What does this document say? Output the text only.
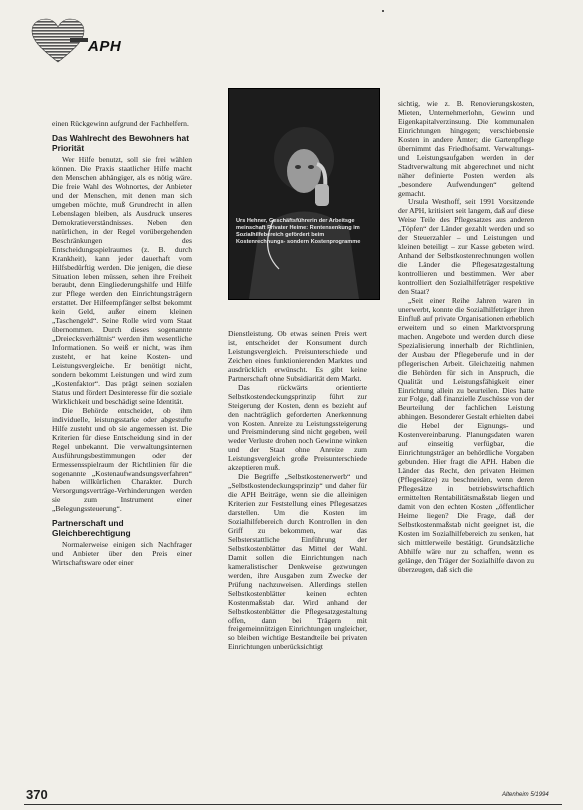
APH
Urs Hehner, Geschäftsführerin der Arbeitsge meinschaft Privater Heime: Rentensenkung im Sozialhilfebereich gefördert beim Kostenrechnungs- sondern Kostenprogramme

einen Rückgewinn aufgrund der Fachhelfern.

Das Wahlrecht des Bewohners hat Priorität

Wer Hilfe benutzt, soll sie frei wählen können. Die Praxis staatlicher Hilfe macht den Menschen abhängiger, als es nötig wäre. Die freie Wahl des Wohnortes, der Anbieter und der Menschen, mit denen man sich umgeben möchte, muß Grundrecht in allen Lebenslagen bleiben, als Ausdruck unseres Demokratieverständnisses. Neben den natürlichen, in der Regel vorübergehenden Beschränkungen des Entscheidungsspielraumes (z. B. durch Krankheit), kann jeder dauerhaft vom Hilfsbedürftig werden. Die jenigen, die diese Situation leben müssen, sehen ihre Freiheit beraubt, denn Eingliederungshilfe und Hilfe zur Pflege werden den Einrichtungsträgern erstattet. Der Hilfeempfänger selbst bekommt kein Geld, außer einem kleinen „Taschengeld“. Seine Rolle wird vom Staat übernommen. Durch dieses sogenannte „Dreiecksverhältnis“ werden ihm wesentliche Informationen. So weiß er nicht, was ihm zusteht, er hat keine Kosten- und Leistungsvergleiche. Er benötigt nicht, sondern bekommt Leistungen und wird zum „Kostenfaktor“. Das prägt seinen sozialen Status und fördert Desinteresse für die soziale Wirklichkeit und beschädigt seine Identität.

Die Behörde entscheidet, ob ihm individuelle, leistungsstarke oder abgestufte Hilfe zusteht und ob sie angemessen ist. Die Kriterien für diese Entscheidung sind in der Regel unbekannt. Die verwaltungsinternen Ausführungsbestimmungen oder der Ermessensspielraum der Richtlinien für die sogenannte „Kostenaufwandsungsverfahren“ haben willkürlichen Charakter. Durch Versorgungsverträge-Verhinderungen werden sie zum Instrument einer „Belegungssteuerung“.

Partnerschaft und Gleichberechtigung

Normalerweise einigen sich Nachfrager und Anbieter über den Preis einer Wirtschaftsware oder einer

Dienstleistung. Ob etwas seinen Preis wert ist, entscheidet der Konsument durch Leistungsvergleich. Preisunterschiede und Zeichen eines funktionierenden Marktes und ausdrücklich erwünscht. Es gibt keine Partnerschaft ohne Subsidiarität dem Markt.

Das rückwärts orientierte Selbstkostendeckungsprinzip führt zur Steigerung der Kosten, denn es bezieht auf den nachträglich geforderten Anerkennung von Kosten. Anreize zu Leistungssteigerung und Preisminderung sind nicht gegeben, weil weder Verluste drohen noch Gewinne winken und der Staat ohne Anreize zum Leistungsvergleich große Preisunterschiede akzeptieren muß.

Die Begriffe „Selbstkostenerwerb“ und „Selbstkostendeckungsprinzip“ und daher für die APH Beiträge, wenn sie die alleinigen Kriterien zur Feststellung eines Pflegesatzes darstellen. Um die Kosten im Sozialhilfebereich durch Kontrollen in den Griff zu bekommen, war das Selbsterstattliche Einführung der Selbstkostenblätter das Mittel der Wahl. Damit sollen die Einrichtungen nach kameralistischer Denkweise gezwungen werden, ihre Ausgaben zum Zwecke der Prüfung nachzuweisen. Allerdings stellen Selbstkostenblätter keinen echten Kostenmaßstab dar. Wird anhand der Selbstkostenblätter die Pflegesatzgestaltung offen, dann bei Trägern mit freigemeinnützigen Einrichtungen ungleicher, so bleiben wichtige Bestandteile bei privaten Einrichtungen unberücksichtigt

sichtig, wie z. B. Renovierungskosten, Mieten, Unternehmerlohn, Gewinn und Eigenkapitalverzinsung. Die kommunalen Einrichtungen hingegen; verschiebensie Kosten in andere Ämter; die Gartenpflege übernimmt das Friedhofsamt. Verwaltungs- und Leistungsaufgaben werden in der Stadtverwaltung mit abgerechnet und nicht näher definierte Posten werden als „besondere Aufwendungen“ geltend gemacht.

Ursula Westhoff, seit 1991 Vorsitzende der APH, kritisiert seit langem, daß auf diese Weise Teile des Pflegesatzes aus anderen „Töpfen“ der Länder gezahlt werden und so der Steuerzahler – und Leistungen und kleinen beteiligt – zur Kasse gebeten wird. Anhand der Selbstkostenrechnungen wollen die Länder die Pflegesatzgestaltung kontrollieren und bestimmen. Wer aber kontrolliert den Sozialhilfeträger respektive den Staat?

„Seit einer Reihe Jahren waren in unerwerbt, konnte die Sozialhilfeträger ihren Einfluß auf private Organisationen erheblich erweitern und so einen Marktvorsprung machen. Angebote und werden durch diese Spezialisierung innerhalb der Richtlinien, der Ausbau der Pflegeberufe und in der pflegerischen Arbeit. Gleichzeitig nahmen die Behörden für sich in Anspruch, die Qualität und Leistungsfähigkeit einer Einrichtung allein zu beurteilen. Dies hatte zur Folge, daß finanzielle Zuschüsse von der Beurteilung der fachlichen Leistung abhingen. Besonderer Gestalt erhielten dabei die Hebel der Eignungs- und Kostenvereinbarung. Planungsdaten waren auf einseitig verfügbar, die Einrichtungsträger an behördliche Vorgaben gebunden. Hier fragt die APH. Haben die Länder das Recht, den privaten Heimen (Pflegesätze) zu beschneiden, wenn deren Pflegesätze in betriebswirtschaftlich ermittelten Rentabilitätsmaßstab liegen und damit von den echten Kosten „öffentlicher Heime liegen? Die Frage, daß der Selbstkostenmaßstab nicht geeignet ist, die Kosten im Sozialhilfebereich zu senken, hat sich mittlerweile bestätigt. Grundsätzliche Abhilfe wäre nur zu schaffen, wenn es gelänge, den Träger der Sozialhilfe davon zu überzeugen, daß sich die

370	Altenheim 5/1994
